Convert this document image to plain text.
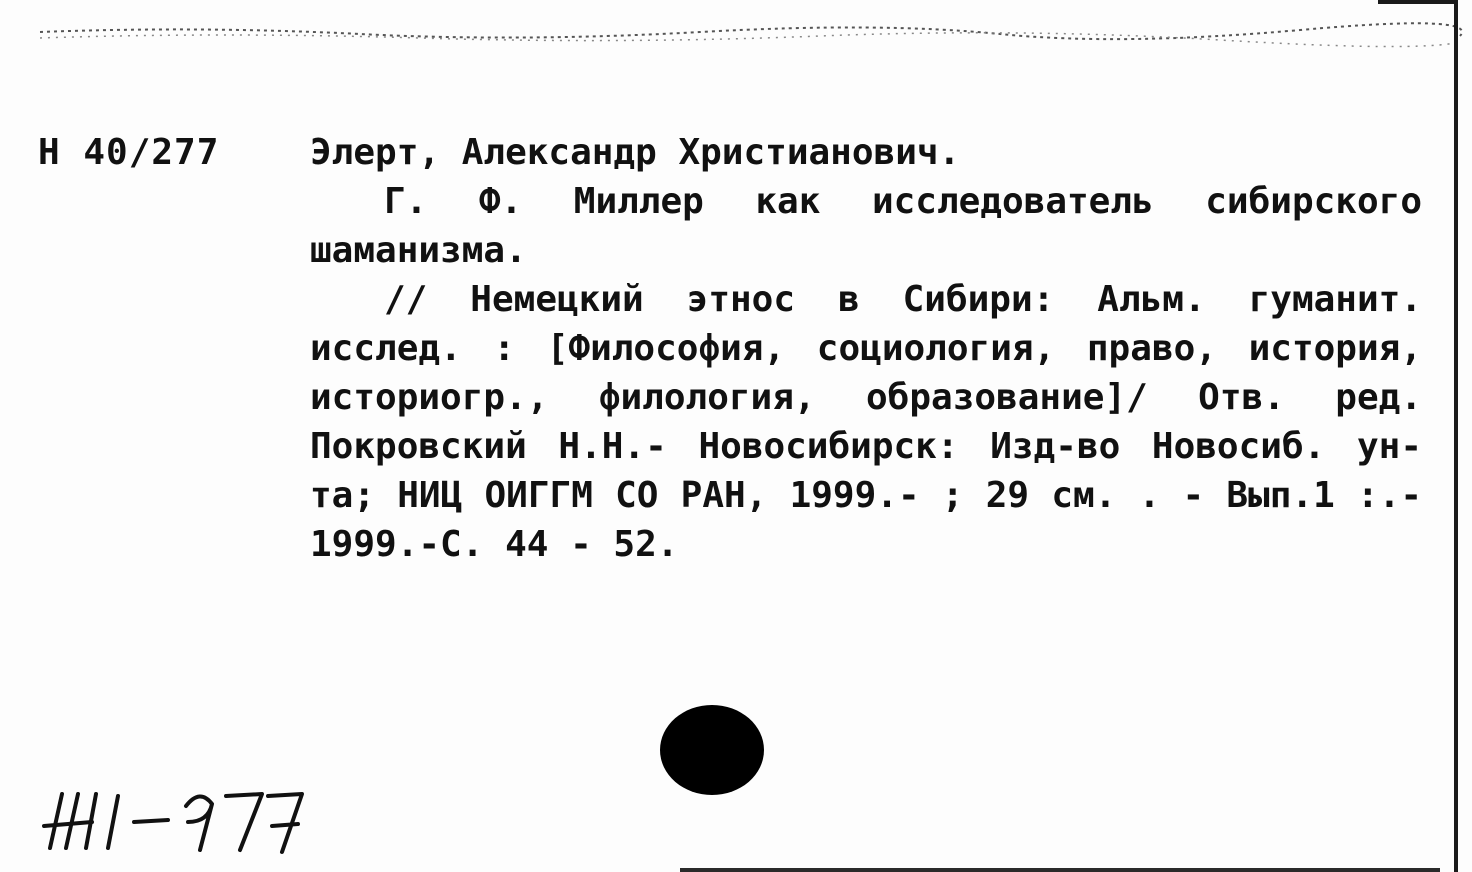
Н 40/277	Элерт, Александр Христианович.

Г. Ф. Миллер как исследователь сибирского шаманизма.

// Немецкий этнос в Сибири: Альм. гуманит. исслед. : [Философия, социология, право, история, историогр., филология, образование]/ Отв. ред. Покровский Н.Н.- Новосибирск: Изд-во Новосиб. ун-та; НИЦ ОИГГМ СО РАН, 1999.- ; 29 см. . - Вып.1 :.- 1999.-С. 44 - 52.
